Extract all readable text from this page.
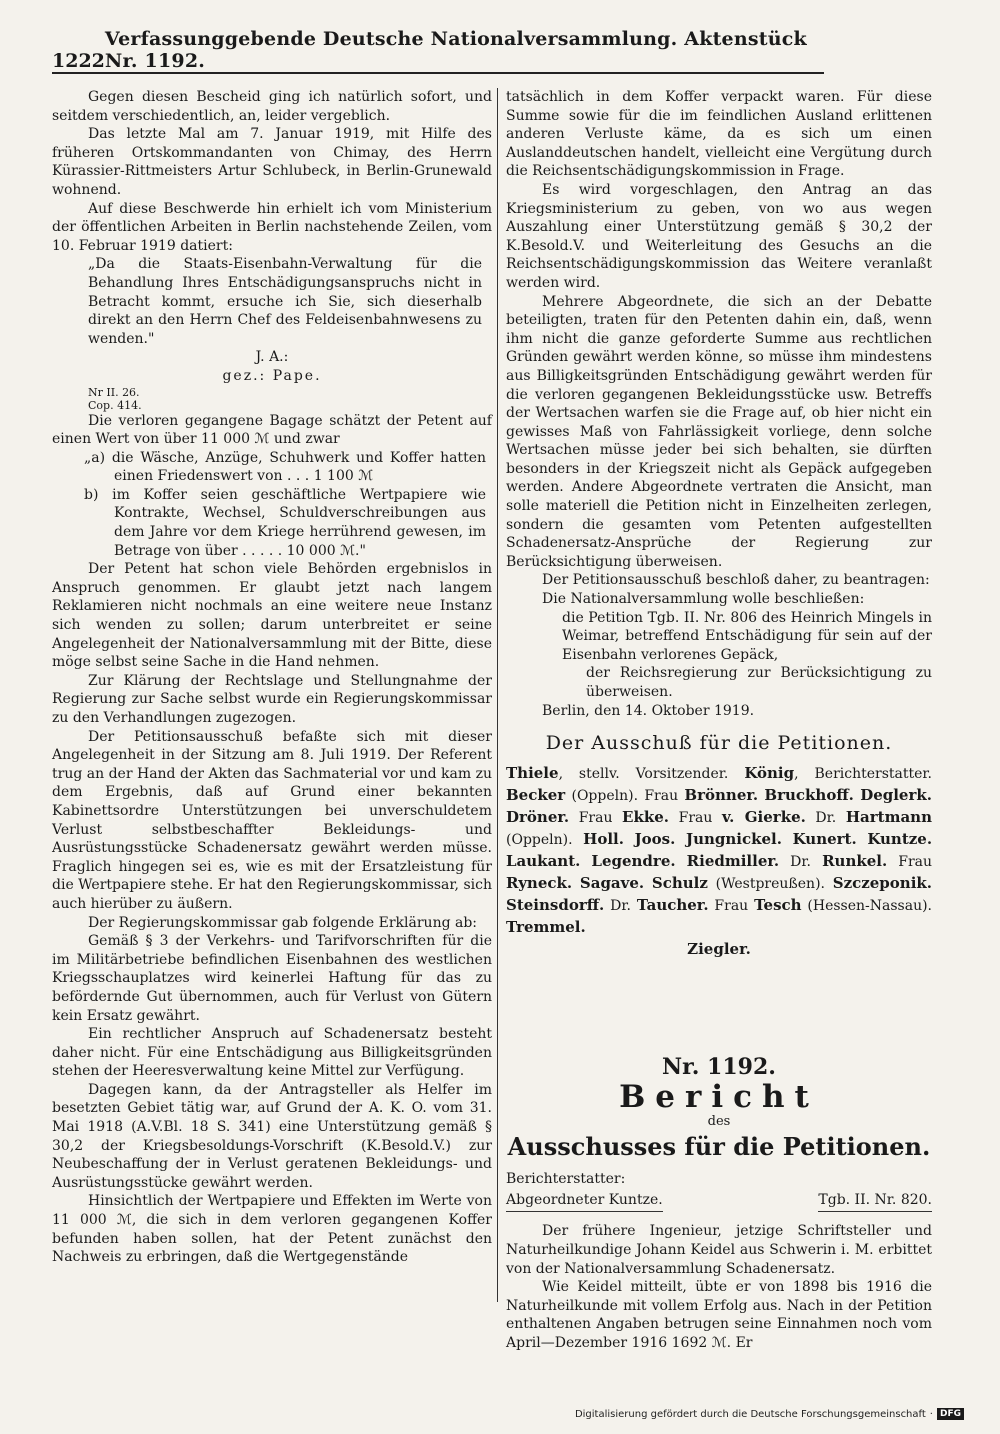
1222
Verfassunggebende Deutsche Nationalversammlung. Aktenstück Nr. 1192.

Gegen diesen Bescheid ging ich natürlich sofort, und seitdem verschiedentlich, an, leider vergeblich.

Das letzte Mal am 7. Januar 1919, mit Hilfe des früheren Ortskommandanten von Chimay, des Herrn Kürassier-Rittmeisters Artur Schlubeck, in Berlin-Grunewald wohnend.

Auf diese Beschwerde hin erhielt ich vom Ministerium der öffentlichen Arbeiten in Berlin nachstehende Zeilen, vom 10. Februar 1919 datiert:

„Da die Staats-Eisenbahn-Verwaltung für die Behandlung Ihres Entschädigungsanspruchs nicht in Betracht kommt, ersuche ich Sie, sich dieserhalb direkt an den Herrn Chef des Feldeisenbahnwesens zu wenden."

J. A.:

gez.: Pape.

Nr II. 26.

Cop. 414.

Die verloren gegangene Bagage schätzt der Petent auf einen Wert von über 11 000 ℳ und zwar

„a) die Wäsche, Anzüge, Schuhwerk und Koffer hatten einen Friedenswert von . . . 1 100 ℳ

b) im Koffer seien geschäftliche Wertpapiere wie Kontrakte, Wechsel, Schuldverschreibungen aus dem Jahre vor dem Kriege herrührend gewesen, im Betrage von über . . . . . 10 000 ℳ."

Der Petent hat schon viele Behörden ergebnislos in Anspruch genommen. Er glaubt jetzt nach langem Reklamieren nicht nochmals an eine weitere neue Instanz sich wenden zu sollen; darum unterbreitet er seine Angelegenheit der Nationalversammlung mit der Bitte, diese möge selbst seine Sache in die Hand nehmen.

Zur Klärung der Rechtslage und Stellungnahme der Regierung zur Sache selbst wurde ein Regierungskommissar zu den Verhandlungen zugezogen.

Der Petitionsausschuß befaßte sich mit dieser Angelegenheit in der Sitzung am 8. Juli 1919. Der Referent trug an der Hand der Akten das Sachmaterial vor und kam zu dem Ergebnis, daß auf Grund einer bekannten Kabinettsordre Unterstützungen bei unverschuldetem Verlust selbstbeschaffter Bekleidungs- und Ausrüstungsstücke Schadenersatz gewährt werden müsse. Fraglich hingegen sei es, wie es mit der Ersatzleistung für die Wertpapiere stehe. Er hat den Regierungskommissar, sich auch hierüber zu äußern.

Der Regierungskommissar gab folgende Erklärung ab:

Gemäß § 3 der Verkehrs- und Tarifvorschriften für die im Militärbetriebe befindlichen Eisenbahnen des westlichen Kriegsschauplatzes wird keinerlei Haftung für das zu befördernde Gut übernommen, auch für Verlust von Gütern kein Ersatz gewährt.

Ein rechtlicher Anspruch auf Schadenersatz besteht daher nicht. Für eine Entschädigung aus Billigkeitsgründen stehen der Heeresverwaltung keine Mittel zur Verfügung.

Dagegen kann, da der Antragsteller als Helfer im besetzten Gebiet tätig war, auf Grund der A. K. O. vom 31. Mai 1918 (A.V.Bl. 18 S. 341) eine Unterstützung gemäß § 30,2 der Kriegsbesoldungs-Vorschrift (K.Besold.V.) zur Neubeschaffung der in Verlust geratenen Bekleidungs- und Ausrüstungsstücke gewährt werden.

Hinsichtlich der Wertpapiere und Effekten im Werte von 11 000 ℳ, die sich in dem verloren gegangenen Koffer befunden haben sollen, hat der Petent zunächst den Nachweis zu erbringen, daß die Wertgegenstände

tatsächlich in dem Koffer verpackt waren. Für diese Summe sowie für die im feindlichen Ausland erlittenen anderen Verluste käme, da es sich um einen Auslanddeutschen handelt, vielleicht eine Vergütung durch die Reichsentschädigungskommission in Frage.

Es wird vorgeschlagen, den Antrag an das Kriegsministerium zu geben, von wo aus wegen Auszahlung einer Unterstützung gemäß § 30,2 der K.Besold.V. und Weiterleitung des Gesuchs an die Reichsentschädigungskommission das Weitere veranlaßt werden wird.

Mehrere Abgeordnete, die sich an der Debatte beteiligten, traten für den Petenten dahin ein, daß, wenn ihm nicht die ganze geforderte Summe aus rechtlichen Gründen gewährt werden könne, so müsse ihm mindestens aus Billigkeitsgründen Entschädigung gewährt werden für die verloren gegangenen Bekleidungsstücke usw. Betreffs der Wertsachen warfen sie die Frage auf, ob hier nicht ein gewisses Maß von Fahrlässigkeit vorliege, denn solche Wertsachen müsse jeder bei sich behalten, sie dürften besonders in der Kriegszeit nicht als Gepäck aufgegeben werden. Andere Abgeordnete vertraten die Ansicht, man solle materiell die Petition nicht in Einzelheiten zerlegen, sondern die gesamten vom Petenten aufgestellten Schadenersatz-Ansprüche der Regierung zur Berücksichtigung überweisen.

Der Petitionsausschuß beschloß daher, zu beantragen:

Die Nationalversammlung wolle beschließen:

die Petition Tgb. II. Nr. 806 des Heinrich Mingels in Weimar, betreffend Entschädigung für sein auf der Eisenbahn verlorenes Gepäck,

der Reichsregierung zur Berücksichtigung zu überweisen.

Berlin, den 14. Oktober 1919.

Der Ausschuß für die Petitionen.
Thiele, stellv. Vorsitzender. König, Berichterstatter. Becker (Oppeln). Frau Brönner. Bruckhoff. Deglerk. Dröner. Frau Ekke. Frau v. Gierke. Dr. Hartmann (Oppeln). Holl. Joos. Jungnickel. Kunert. Kuntze. Laukant. Legendre. Riedmiller. Dr. Runkel. Frau Ryneck. Sagave. Schulz (Westpreußen). Szczeponik. Steinsdorff. Dr. Taucher. Frau Tesch (Hessen-Nassau). Tremmel.
Ziegler.
Nr. 1192.
Bericht
des
Ausschusses für die Petitionen.
Berichterstatter:
Abgeordneter Kuntze.	Tgb. II. Nr. 820.

Der frühere Ingenieur, jetzige Schriftsteller und Naturheilkundige Johann Keidel aus Schwerin i. M. erbittet von der Nationalversammlung Schadenersatz.

Wie Keidel mitteilt, übte er von 1898 bis 1916 die Naturheilkunde mit vollem Erfolg aus. Nach in der Petition enthaltenen Angaben betrugen seine Einnahmen noch vom April—Dezember 1916 1692 ℳ. Er

Digitalisierung gefördert durch die Deutsche Forschungsgemeinschaft · DFG
